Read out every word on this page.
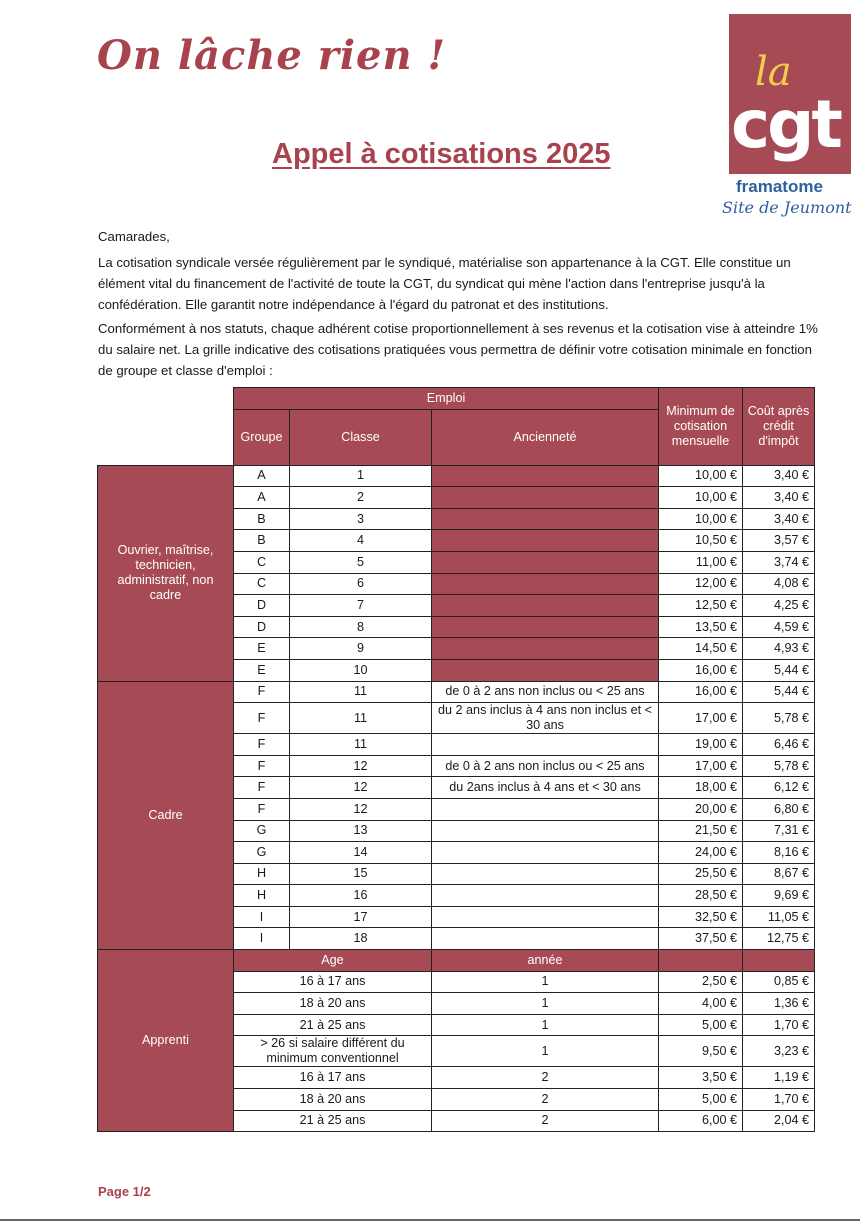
On lâche rien !
Appel à cotisations 2025
la
cgt
framatome
Site de Jeumont
Camarades,
La cotisation syndicale versée régulièrement par le syndiqué, matérialise son appartenance à la CGT. Elle constitue un élément vital du financement de l'activité de toute la CGT, du syndicat qui mène l'action dans l'entreprise jusqu'à la confédération. Elle garantit notre indépendance à l'égard du patronat et des institutions.
Conformément à nos statuts, chaque adhérent cotise proportionnellement à ses revenus et la cotisation vise à atteindre 1% du salaire net. La grille indicative des cotisations pratiquées vous permettra de définir votre cotisation minimale en fonction de groupe et classe d'emploi :
	Emploi			Minimum de cotisation mensuelle	Coût après crédit d'impôt
	Groupe	Classe	Ancienneté		
Ouvrier, maîtrise, technicien, administratif, non cadre	A	1		10,00 €	3,40 €
	A	2		10,00 €	3,40 €
	B	3		10,00 €	3,40 €
	B	4		10,50 €	3,57 €
	C	5		11,00 €	3,74 €
	C	6		12,00 €	4,08 €
	D	7		12,50 €	4,25 €
	D	8		13,50 €	4,59 €
	E	9		14,50 €	4,93 €
	E	10		16,00 €	5,44 €
Cadre	F	11	de 0 à 2 ans non inclus ou < 25 ans	16,00 €	5,44 €
	F	11	du 2 ans inclus à 4 ans non inclus et < 30 ans	17,00 €	5,78 €
	F	11		19,00 €	6,46 €
	F	12	de 0 à 2 ans non inclus ou < 25 ans	17,00 €	5,78 €
	F	12	du 2ans inclus à 4 ans et < 30 ans	18,00 €	6,12 €
	F	12		20,00 €	6,80 €
	G	13		21,50 €	7,31 €
	G	14		24,00 €	8,16 €
	H	15		25,50 €	8,67 €
	H	16		28,50 €	9,69 €
	I	17		32,50 €	11,05 €
	I	18		37,50 €	12,75 €
Apprenti	Age		année		
	16 à 17 ans		1	2,50 €	0,85 €
	18 à 20 ans		1	4,00 €	1,36 €
	21 à 25 ans		1	5,00 €	1,70 €
	> 26 si salaire différent du minimum conventionnel		1	9,50 €	3,23 €
	16 à 17 ans		2	3,50 €	1,19 €
	18 à 20 ans		2	5,00 €	1,70 €
	21 à 25 ans		2	6,00 €	2,04 €
Page 1/2
